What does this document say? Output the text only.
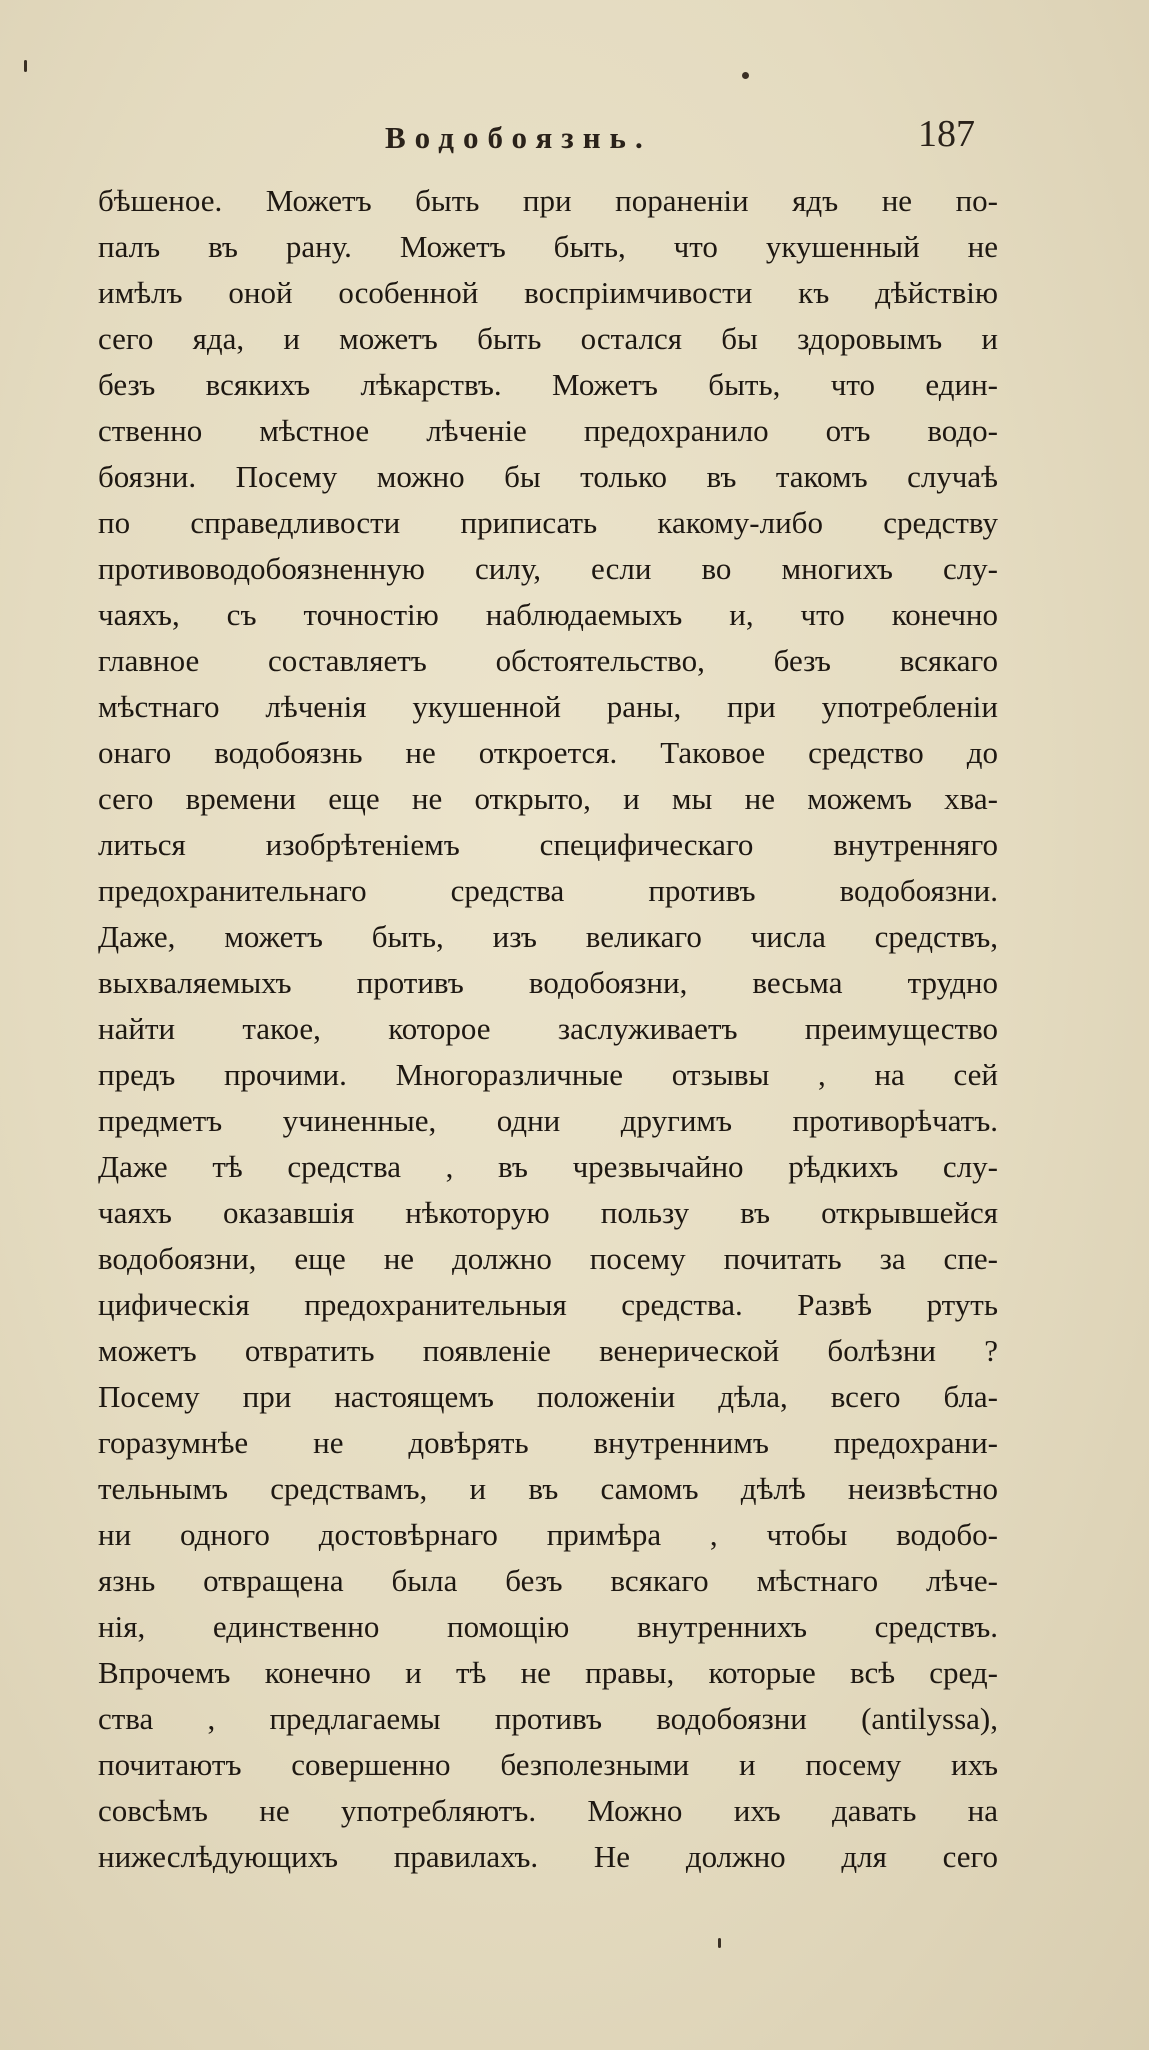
Водобоязнь.	187
бѣшеное. Можетъ быть при пораненіи ядъ не по-
палъ въ рану. Можетъ быть, что укушенный не
имѣлъ оной особенной воспріимчивости къ дѣйствію
сего яда, и можетъ быть остался бы здоровымъ и
безъ всякихъ лѣкарствъ. Можетъ быть, что един-
ственно мѣстное лѣченіе предохранило отъ водо-
боязни. Посему можно бы только въ такомъ случаѣ
по справедливости приписать какому-либо средству
противоводобоязненную силу, если во многихъ слу-
чаяхъ, съ точностію наблюдаемыхъ и, что конечно
главное составляетъ обстоятельство, безъ всякаго
мѣстнаго лѣченія укушенной раны, при употребленіи
онаго водобоязнь не откроется. Таковое средство до
сего времени еще не открыто, и мы не можемъ хва-
литься изобрѣтеніемъ специфическаго внутренняго
предохранительнаго средства противъ водобоязни.
Даже, можетъ быть, изъ великаго числа средствъ,
выхваляемыхъ противъ водобоязни, весьма трудно
найти такое, которое заслуживаетъ преимущество
предъ прочими. Многоразличные отзывы , на сей
предметъ учиненные, одни другимъ противорѣчатъ.
Даже тѣ средства , въ чрезвычайно рѣдкихъ слу-
чаяхъ оказавшія нѣкоторую пользу въ открывшейся
водобоязни, еще не должно посему почитать за спе-
цифическія предохранительныя средства. Развѣ ртуть
можетъ отвратить появленіе венерической болѣзни ?
Посему при настоящемъ положеніи дѣла, всего бла-
горазумнѣе не довѣрять внутреннимъ предохрани-
тельнымъ средствамъ, и въ самомъ дѣлѣ неизвѣстно
ни одного достовѣрнаго примѣра , чтобы водобо-
язнь отвращена была безъ всякаго мѣстнаго лѣче-
нія, единственно помощію внутреннихъ средствъ.
Впрочемъ конечно и тѣ не правы, которые всѣ сред-
ства , предлагаемы противъ водобоязни (antilyssa),
почитаютъ совершенно безполезными и посему ихъ
совсѣмъ не употребляютъ. Можно ихъ давать на
нижеслѣдующихъ правилахъ. Не должно для сего
